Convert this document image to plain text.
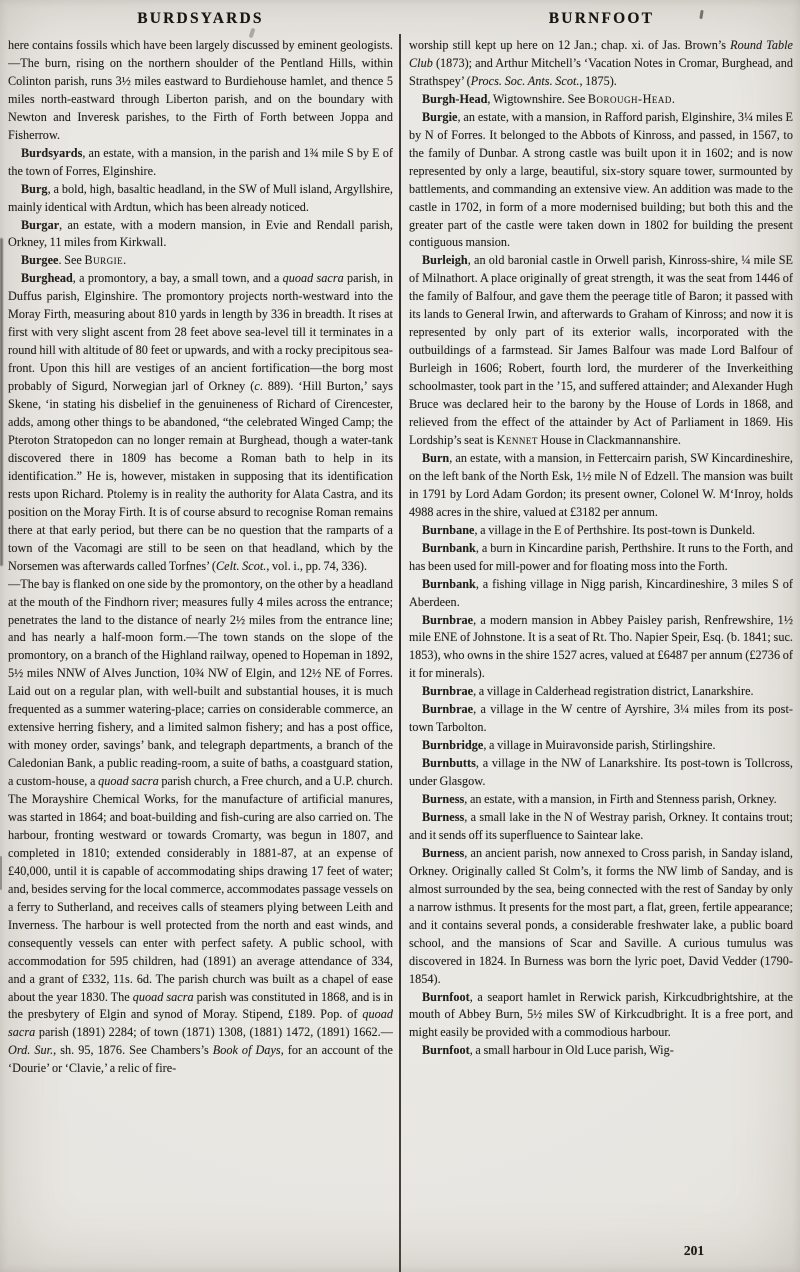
BURDSYARDS	BURNFOOT

here contains fossils which have been largely discussed by eminent geologists.—The burn, rising on the northern shoulder of the Pentland Hills, within Colinton parish, runs 3½ miles eastward to Burdiehouse hamlet, and thence 5 miles north-eastward through Liberton parish, and on the boundary with Newton and Inveresk parishes, to the Firth of Forth between Joppa and Fisherrow.

Burdsyards, an estate, with a mansion, in the parish and 1¾ mile S by E of the town of Forres, Elginshire.

Burg, a bold, high, basaltic headland, in the SW of Mull island, Argyllshire, mainly identical with Ardtun, which has been already noticed.

Burgar, an estate, with a modern mansion, in Evie and Rendall parish, Orkney, 11 miles from Kirkwall.

Burgee. See Burgie.

Burghead, a promontory, a bay, a small town, and a quoad sacra parish, in Duffus parish, Elginshire. The promontory projects north-westward into the Moray Firth, measuring about 810 yards in length by 336 in breadth. It rises at first with very slight ascent from 28 feet above sea-level till it terminates in a round hill with altitude of 80 feet or upwards, and with a rocky precipitous sea-front. Upon this hill are vestiges of an ancient fortification—the borg most probably of Sigurd, Norwegian jarl of Orkney (c. 889). ‘Hill Burton,’ says Skene, ‘in stating his disbelief in the genuineness of Richard of Cirencester, adds, among other things to be abandoned, “the celebrated Winged Camp; the Pteroton Stratopedon can no longer remain at Burghead, though a water-tank discovered there in 1809 has become a Roman bath to help in its identification.” He is, however, mistaken in supposing that its identification rests upon Richard. Ptolemy is in reality the authority for Alata Castra, and its position on the Moray Firth. It is of course absurd to recognise Roman remains there at that early period, but there can be no question that the ramparts of a town of the Vacomagi are still to be seen on that headland, which by the Norsemen was afterwards called Torfnes’ (Celt. Scot., vol. i., pp. 74, 336).

—The bay is flanked on one side by the promontory, on the other by a headland at the mouth of the Findhorn river; measures fully 4 miles across the entrance; penetrates the land to the distance of nearly 2½ miles from the entrance line; and has nearly a half-moon form.—The town stands on the slope of the promontory, on a branch of the Highland railway, opened to Hopeman in 1892, 5½ miles NNW of Alves Junction, 10¾ NW of Elgin, and 12½ NE of Forres. Laid out on a regular plan, with well-built and substantial houses, it is much frequented as a summer watering-place; carries on considerable commerce, an extensive herring fishery, and a limited salmon fishery; and has a post office, with money order, savings’ bank, and telegraph departments, a branch of the Caledonian Bank, a public reading-room, a suite of baths, a coastguard station, a custom-house, a quoad sacra parish church, a Free church, and a U.P. church. The Morayshire Chemical Works, for the manufacture of artificial manures, was started in 1864; and boat-building and fish-curing are also carried on. The harbour, fronting westward or towards Cromarty, was begun in 1807, and completed in 1810; extended considerably in 1881-87, at an expense of £40,000, until it is capable of accommodating ships drawing 17 feet of water; and, besides serving for the local commerce, accommodates passage vessels on a ferry to Sutherland, and receives calls of steamers plying between Leith and Inverness. The harbour is well protected from the north and east winds, and consequently vessels can enter with perfect safety. A public school, with accommodation for 595 children, had (1891) an average attendance of 334, and a grant of £332, 11s. 6d. The parish church was built as a chapel of ease about the year 1830. The quoad sacra parish was constituted in 1868, and is in the presbytery of Elgin and synod of Moray. Stipend, £189. Pop. of quoad sacra parish (1891) 2284; of town (1871) 1308, (1881) 1472, (1891) 1662.—Ord. Sur., sh. 95, 1876. See Chambers’s Book of Days, for an account of the ‘Dourie’ or ‘Clavie,’ a relic of fire-

worship still kept up here on 12 Jan.; chap. xi. of Jas. Brown’s Round Table Club (1873); and Arthur Mitchell’s ‘Vacation Notes in Cromar, Burghead, and Strathspey’ (Procs. Soc. Ants. Scot., 1875).

Burgh-Head, Wigtownshire. See Borough-Head.

Burgie, an estate, with a mansion, in Rafford parish, Elginshire, 3¼ miles E by N of Forres. It belonged to the Abbots of Kinross, and passed, in 1567, to the family of Dunbar. A strong castle was built upon it in 1602; and is now represented by only a large, beautiful, six-story square tower, surmounted by battlements, and commanding an extensive view. An addition was made to the castle in 1702, in form of a more modernised building; but both this and the greater part of the castle were taken down in 1802 for building the present contiguous mansion.

Burleigh, an old baronial castle in Orwell parish, Kinross-shire, ¼ mile SE of Milnathort. A place originally of great strength, it was the seat from 1446 of the family of Balfour, and gave them the peerage title of Baron; it passed with its lands to General Irwin, and afterwards to Graham of Kinross; and now it is represented by only part of its exterior walls, incorporated with the outbuildings of a farmstead. Sir James Balfour was made Lord Balfour of Burleigh in 1606; Robert, fourth lord, the murderer of the Inverkeithing schoolmaster, took part in the ’15, and suffered attainder; and Alexander Hugh Bruce was declared heir to the barony by the House of Lords in 1868, and relieved from the effect of the attainder by Act of Parliament in 1869. His Lordship’s seat is Kennet House in Clackmannanshire.

Burn, an estate, with a mansion, in Fettercairn parish, SW Kincardineshire, on the left bank of the North Esk, 1½ mile N of Edzell. The mansion was built in 1791 by Lord Adam Gordon; its present owner, Colonel W. M‘Inroy, holds 4988 acres in the shire, valued at £3182 per annum.

Burnbane, a village in the E of Perthshire. Its post-town is Dunkeld.

Burnbank, a burn in Kincardine parish, Perthshire. It runs to the Forth, and has been used for mill-power and for floating moss into the Forth.

Burnbank, a fishing village in Nigg parish, Kincardineshire, 3 miles S of Aberdeen.

Burnbrae, a modern mansion in Abbey Paisley parish, Renfrewshire, 1½ mile ENE of Johnstone. It is a seat of Rt. Tho. Napier Speir, Esq. (b. 1841; suc. 1853), who owns in the shire 1527 acres, valued at £6487 per annum (£2736 of it for minerals).

Burnbrae, a village in Calderhead registration district, Lanarkshire.

Burnbrae, a village in the W centre of Ayrshire, 3¼ miles from its post-town Tarbolton.

Burnbridge, a village in Muiravonside parish, Stirlingshire.

Burnbutts, a village in the NW of Lanarkshire. Its post-town is Tollcross, under Glasgow.

Burness, an estate, with a mansion, in Firth and Stenness parish, Orkney.

Burness, a small lake in the N of Westray parish, Orkney. It contains trout; and it sends off its superfluence to Saintear lake.

Burness, an ancient parish, now annexed to Cross parish, in Sanday island, Orkney. Originally called St Colm’s, it forms the NW limb of Sanday, and is almost surrounded by the sea, being connected with the rest of Sanday by only a narrow isthmus. It presents for the most part, a flat, green, fertile appearance; and it contains several ponds, a considerable freshwater lake, a public board school, and the mansions of Scar and Saville. A curious tumulus was discovered in 1824. In Burness was born the lyric poet, David Vedder (1790-1854).

Burnfoot, a seaport hamlet in Rerwick parish, Kirkcudbrightshire, at the mouth of Abbey Burn, 5½ miles SW of Kirkcudbright. It is a free port, and might easily be provided with a commodious harbour.

Burnfoot, a small harbour in Old Luce parish, Wig-

201
